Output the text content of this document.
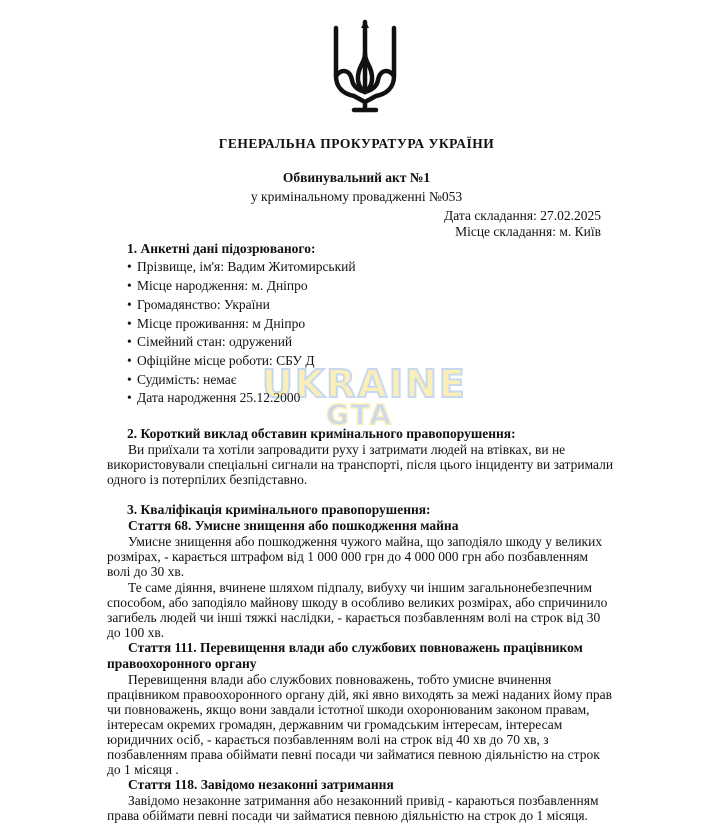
ГЕНЕРАЛЬНА ПРОКУРАТУРА УКРАЇНИ
Обвинувальний акт №1
у кримінальному провадженні №053
Дата складання: 27.02.2025
Місце складання: м. Київ
1. Анкетні дані підозрюваного:
• Прізвище, ім'я: Вадим Житомирський
• Місце народження: м. Дніпро
• Громадянство: України
• Місце проживання: м Дніпро
• Сімейний стан: одружений
• Офіційне місце роботи: СБУ Д
• Судимість: немає
• Дата народження 25.12.2000
UKRAINE
GTA
2. Короткий виклад обставин кримінального правопорушення:
Ви приїхали та хотіли запровадити руху і затримати людей на втівках, ви не
використовували спеціальні сигнали на транспорті, після цього інциденту ви затримали
одного із потерпілих безпідставно.
3. Кваліфікація кримінального правопорушення:
Стаття 68. Умисне знищення або пошкодження майна
Умисне знищення або пошкодження чужого майна, що заподіяло шкоду у великих
розмірах, - карається штрафом від 1 000 000 грн до 4 000 000 грн або позбавленням
волі до 30 хв.
Те саме діяння, вчинене шляхом підпалу, вибуху чи іншим загальнонебезпечним
способом, або заподіяло майнову шкоду в особливо великих розмірах, або спричинило
загибель людей чи інші тяжкі наслідки, - карається позбавленням волі на строк від 30
до 100 хв.
Стаття 111. Перевищення влади або службових повноважень працівником
правоохоронного органу
Перевищення влади або службових повноважень, тобто умисне вчинення
працівником правоохоронного органу дій, які явно виходять за межі наданих йому прав
чи повноважень, якщо вони завдали істотної шкоди охоронюваним законом правам,
інтересам окремих громадян, державним чи громадським інтересам, інтересам
юридичних осіб, - карається позбавленням волі на строк від 40 хв до 70 хв, з
позбавленням права обіймати певні посади чи займатися певною діяльністю на строк
до 1 місяця .
Стаття 118. Завідомо незаконні затримання
Завідомо незаконне затримання або незаконний привід - караються позбавленням
права обіймати певні посади чи займатися певною діяльністю на строк до 1 місяця.
